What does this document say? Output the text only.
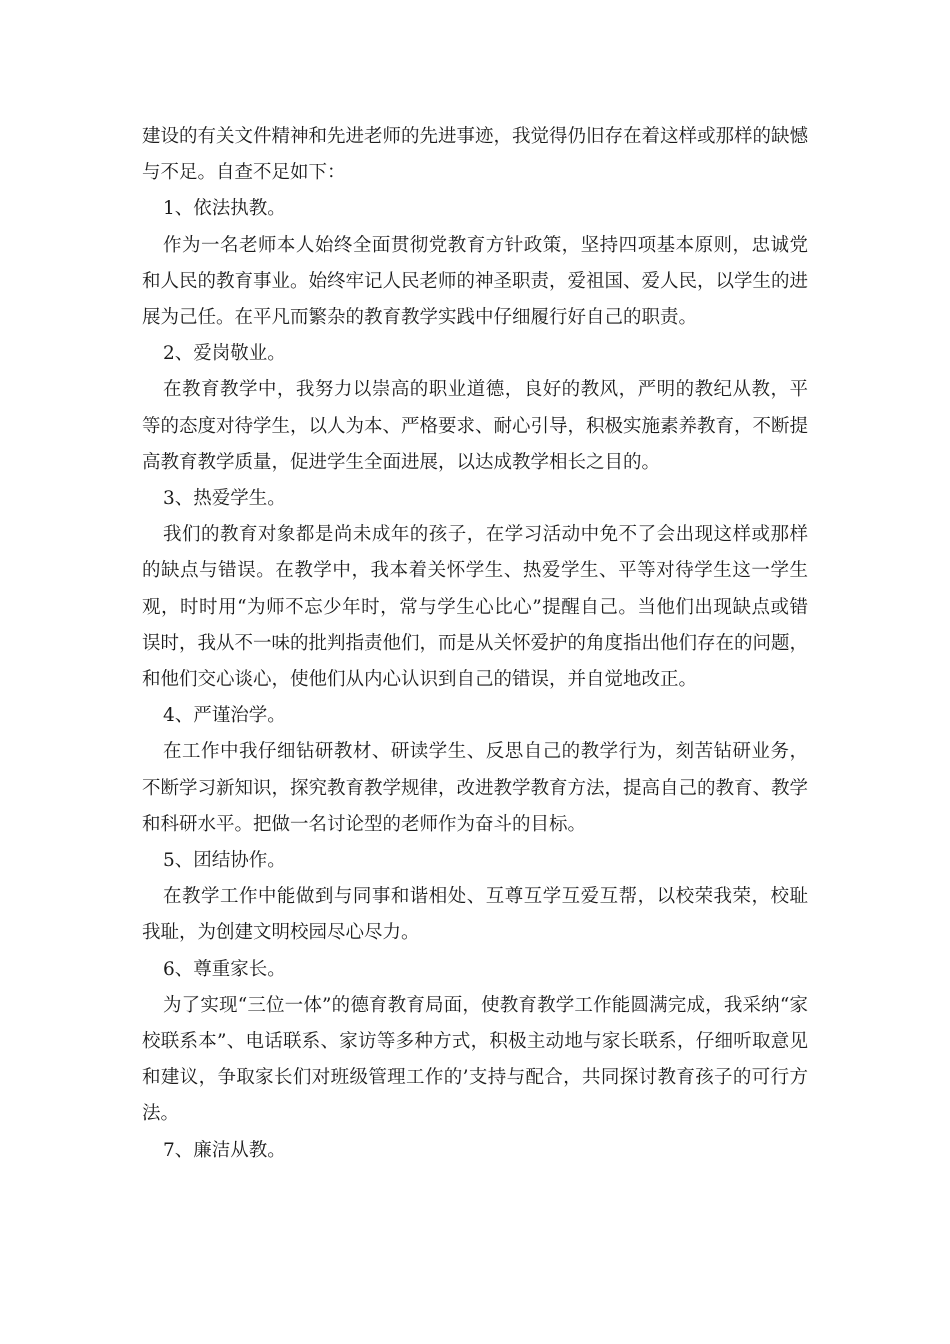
建设的有关文件精神和先进老师的先进事迹，我觉得仍旧存在着这样或那样的缺憾与不足。自查不足如下：

1、依法执教。

作为一名老师本人始终全面贯彻党教育方针政策，坚持四项基本原则，忠诚党和人民的教育事业。始终牢记人民老师的神圣职责，爱祖国、爱人民，以学生的进展为己任。在平凡而繁杂的教育教学实践中仔细履行好自己的职责。

2、爱岗敬业。

在教育教学中，我努力以崇高的职业道德，良好的教风，严明的教纪从教，平等的态度对待学生，以人为本、严格要求、耐心引导，积极实施素养教育，不断提高教育教学质量，促进学生全面进展，以达成教学相长之目的。

3、热爱学生。

我们的教育对象都是尚未成年的孩子，在学习活动中免不了会出现这样或那样的缺点与错误。在教学中，我本着关怀学生、热爱学生、平等对待学生这一学生观，时时用“为师不忘少年时，常与学生心比心”提醒自己。当他们出现缺点或错误时，我从不一味的批判指责他们，而是从关怀爱护的角度指出他们存在的问题，和他们交心谈心，使他们从内心认识到自己的错误，并自觉地改正。

4、严谨治学。

在工作中我仔细钻研教材、研读学生、反思自己的教学行为，刻苦钻研业务，不断学习新知识，探究教育教学规律，改进教学教育方法，提高自己的教育、教学和科研水平。把做一名讨论型的老师作为奋斗的目标。

5、团结协作。

在教学工作中能做到与同事和谐相处、互尊互学互爱互帮，以校荣我荣，校耻我耻，为创建文明校园尽心尽力。

6、尊重家长。

为了实现“三位一体”的德育教育局面，使教育教学工作能圆满完成，我采纳“家校联系本”、电话联系、家访等多种方式，积极主动地与家长联系，仔细听取意见和建议，争取家长们对班级管理工作的’支持与配合，共同探讨教育孩子的可行方法。

7、廉洁从教。
